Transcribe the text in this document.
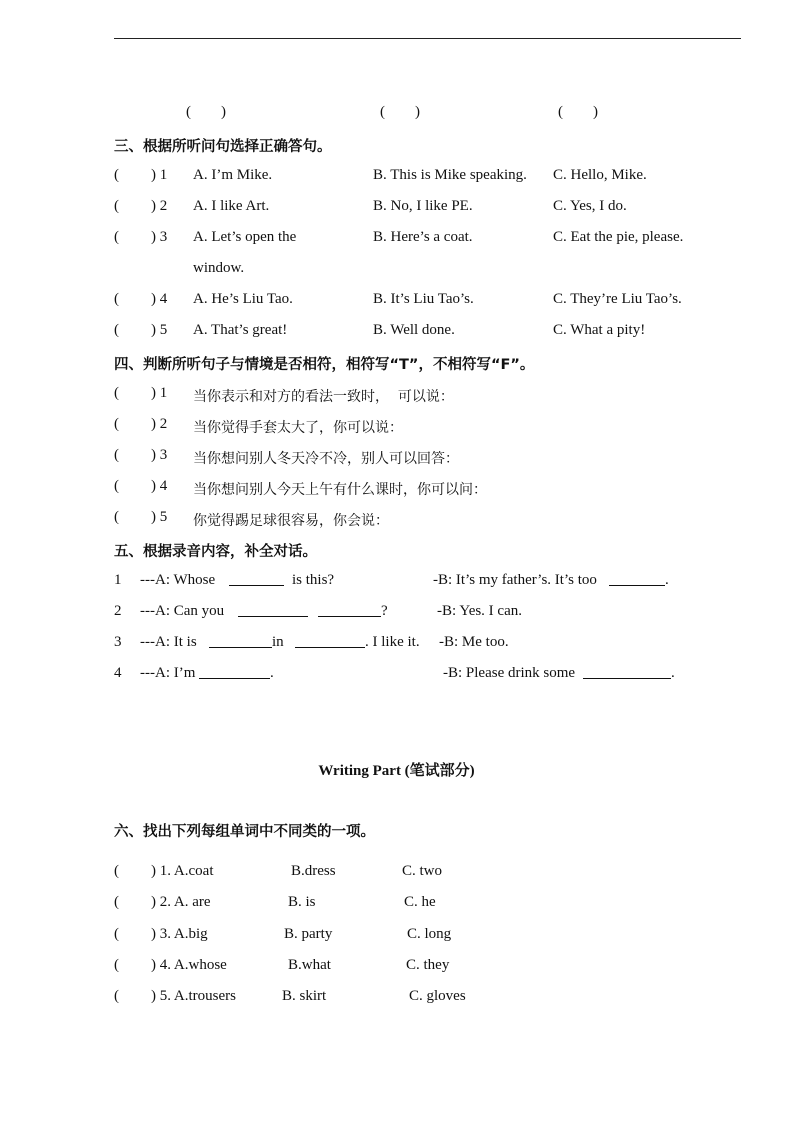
(        )	(        )	(        )
三、根据所听问句选择正确答句。
( ) 1 A. I’m Mike.	B. This is Mike speaking. C. Hello, Mike.
( ) 2 A. I like Art.	B. No, I like PE.	C. Yes, I do.
( ) 3 A. Let’s open the	B. Here’s a coat.	C. Eat the pie, please.
window.
( ) 4 A. He’s Liu Tao.	B. It’s Liu Tao’s.	C. They’re Liu Tao’s.
( ) 5 A. That’s great!	B. Well done.	C. What a pity!
四、判断所听句子与情境是否相符，相符写“T”，不相符写“F”。
( ) 1 当你表示和对方的看法一致时，  可以说：
( ) 2 当你觉得手套太大了，你可以说：
( ) 3 当你想问别人冬天冷不冷，别人可以回答：
( ) 4 当你想问别人今天上午有什么课时，你可以问：
( ) 5 你觉得踢足球很容易，你会说：
五、根据录音内容，补全对话。
1 ---A: Whose	is this?	-B: It’s my father’s. It’s too	.
2 ---A: Can you	?	-B: Yes. I can.
3 ---A: It is	in	. I like it. -B: Me too.
4 ---A: I’m	.	-B: Please drink some	.
Writing Part (笔试部分)
六、找出下列每组单词中不同类的一项。
( ) 1. A.coat	B.dress	C. two
( ) 2. A. are	B. is	C. he
( ) 3. A.big	B. party	C. long
( ) 4. A.whose	B.what	C. they
( ) 5. A.trousers	B. skirt	C. gloves
